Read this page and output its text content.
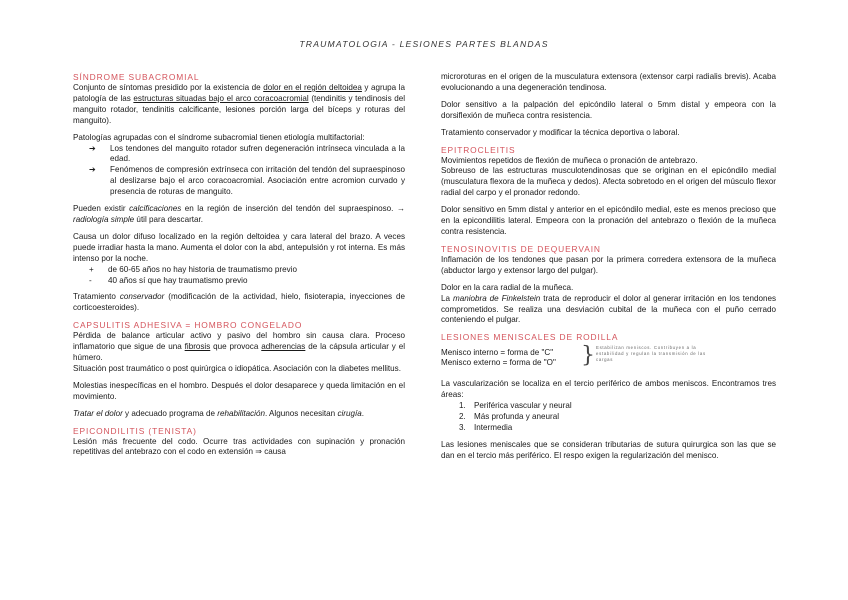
TRAUMATOLOGIA - LESIONES PARTES BLANDAS
SÍNDROME SUBACROMIAL

Conjunto de síntomas presidido por la existencia de dolor en el región deltoidea y agrupa la patología de las estructuras situadas bajo el arco coracoacromial (tendinitis y tendinosis del manguito rotador, tendinitis calcificante, lesiones porción larga del bíceps y roturas del manguito).

Patologías agrupadas con el síndrome subacromial tienen etiología multifactorial:

➔ Los tendones del manguito rotador sufren degeneración intrínseca vinculada a la edad.
➔ Fenómenos de compresión extrínseca con irritación del tendón del supraespinoso al deslizarse bajo el arco coracoacromial. Asociación entre acromion curvado y presencia de roturas de manguito.

Pueden existir calcificaciones en la región de inserción del tendón del supraespinoso. → radiología simple útil para descartar.

Causa un dolor difuso localizado en la región deltoidea y cara lateral del brazo. A veces puede irradiar hasta la mano. Aumenta el dolor con la abd, antepulsión y rot interna. Es más intenso por la noche.

+ de 60-65 años no hay historia de traumatismo previo
- 40 años sí que hay traumatismo previo

Tratamiento conservador (modificación de la actividad, hielo, fisioterapia, inyecciones de corticoesteroides).

CAPSULITIS ADHESIVA = HOMBRO CONGELADO

Pérdida de balance articular activo y pasivo del hombro sin causa clara. Proceso inflamatorio que sigue de una fibrosis que provoca adherencias de la cápsula articular y el húmero.

Situación post traumático o post quirúrgica o idiopática. Asociación con la diabetes mellitus.

Molestias inespecíficas en el hombro. Después el dolor desaparece y queda limitación en el movimiento.

Tratar el dolor y adecuado programa de rehabilitación. Algunos necesitan cirugía.

EPICONDILITIS (TENISTA)

Lesión más frecuente del codo. Ocurre tras actividades con supinación y pronación repetitivas del antebrazo con el codo en extensión ⇒ causa

microroturas en el origen de la musculatura extensora (extensor carpi radialis brevis). Acaba evolucionando a una degeneración tendinosa.

Dolor sensitivo a la palpación del epicóndilo lateral o 5mm distal y empeora con la dorsiflexión de muñeca contra resistencia.

Tratamiento conservador y modificar la técnica deportiva o laboral.

EPITROCLEITIS

Movimientos repetidos de flexión de muñeca o pronación de antebrazo.

Sobreuso de las estructuras musculotendinosas que se originan en el epicóndilo medial (musculatura flexora de la muñeca y dedos). Afecta sobretodo en el origen del músculo flexor radial del carpo y el pronador redondo.

Dolor sensitivo en 5mm distal y anterior en el epicóndilo medial, este es menos precioso que en la epicondilitis lateral. Empeora con la pronación del antebrazo o flexión de la muñeca contra resistencia.

TENOSINOVITIS DE DEQUERVAIN

Inflamación de los tendones que pasan por la primera corredera extensora de la muñeca (abductor largo y extensor largo del pulgar).

Dolor en la cara radial de la muñeca.

La maniobra de Finkelstein trata de reproducir el dolor al generar irritación en los tendones comprometidos. Se realiza una desviación cubital de la muñeca con el puño cerrado conteniendo el pulgar.

LESIONES MENISCALES DE RODILLA
Menisco interno = forma de "C"
Menisco externo = forma de "O" } Estabilizan meniscos. Contribuyen a la estabilidad y regulan la transmisión de las cargas

La vascularización se localiza en el tercio periférico de ambos meniscos. Encontramos tres áreas:

1. Periférica vascular y neural
2. Más profunda y aneural
3. Intermedia

Las lesiones meniscales que se consideran tributarias de sutura quirurgica son las que se dan en el tercio más periférico. El respo exigen la regularización del menisco.
